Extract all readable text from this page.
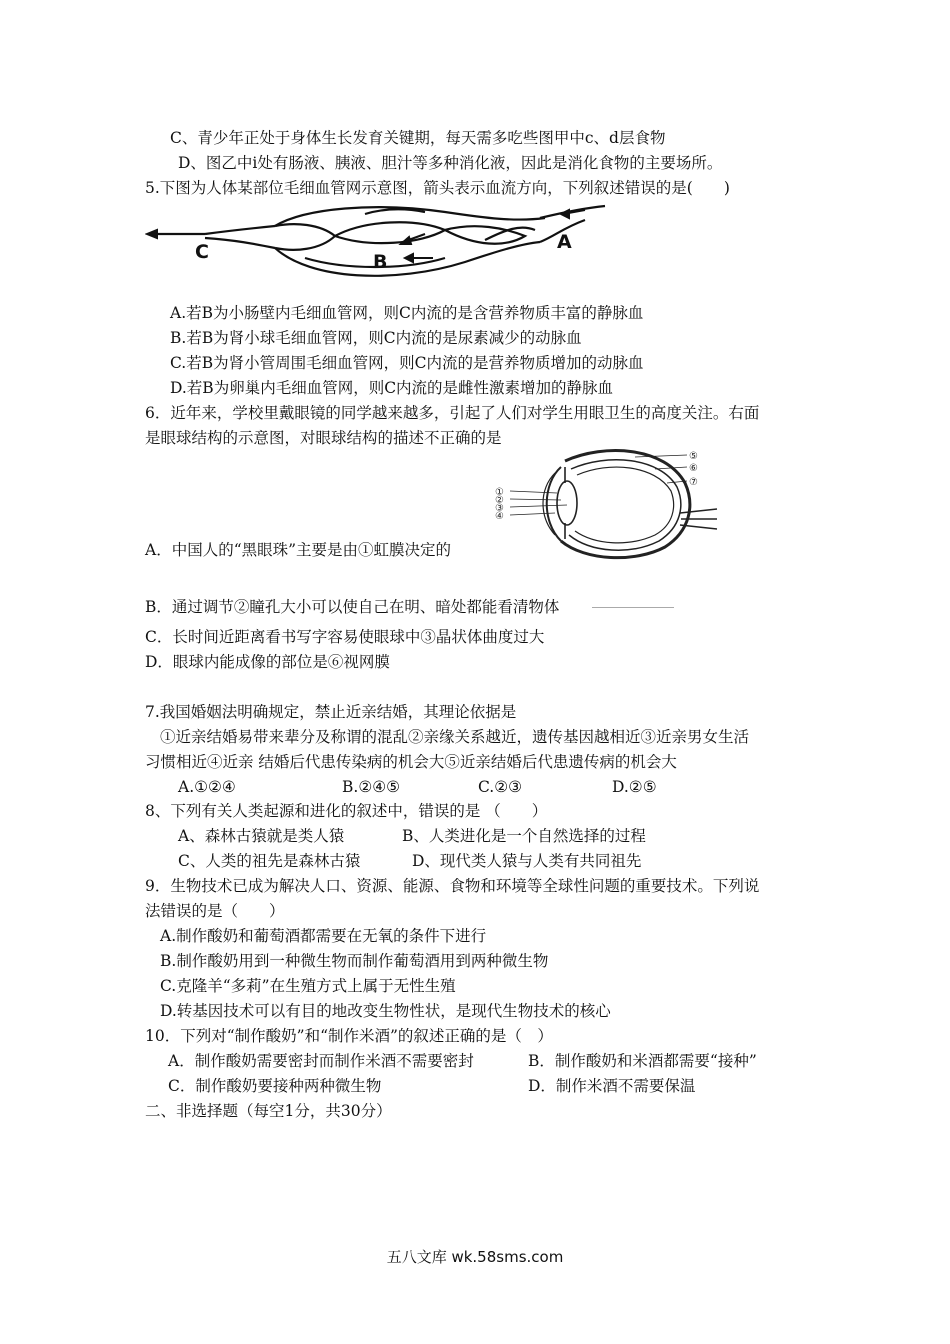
C、青少年正处于身体生长发育关键期，每天需多吃些图甲中c、d层食物
D、图乙中i处有肠液、胰液、胆汁等多种消化液，因此是消化食物的主要场所。
5.下图为人体某部位毛细血管网示意图，箭头表示血流方向，下列叙述错误的是(　　)
C	B
A
A.若B为小肠壁内毛细血管网，则C内流的是含营养物质丰富的静脉血
B.若B为肾小球毛细血管网，则C内流的是尿素减少的动脉血
C.若B为肾小管周围毛细血管网，则C内流的是营养物质增加的动脉血
D.若B为卵巢内毛细血管网，则C内流的是雌性激素增加的静脉血
6．近年来，学校里戴眼镜的同学越来越多，引起了人们对学生用眼卫生的高度关注。右面
是眼球结构的示意图，对眼球结构的描述不正确的是
①
②
③
④
⑤
⑥
⑦
A．中国人的“黑眼珠”主要是由①虹膜决定的
B．通过调节②瞳孔大小可以使自己在明、暗处都能看清物体
C．长时间近距离看书写字容易使眼球中③晶状体曲度过大
D．眼球内能成像的部位是⑥视网膜
7.我国婚姻法明确规定，禁止近亲结婚，其理论依据是
①近亲结婚易带来辈分及称谓的混乱②亲缘关系越近，遗传基因越相近③近亲男女生活
习惯相近④近亲 结婚后代患传染病的机会大⑤近亲结婚后代患遗传病的机会大
A.①②④	B.②④⑤	C.②③	D.②⑤
8、下列有关人类起源和进化的叙述中，错误的是 （　　）
A、森林古猿就是类人猿	B、人类进化是一个自然选择的过程
C、人类的祖先是森林古猿	D、现代类人猿与人类有共同祖先
9．生物技术已成为解决人口、资源、能源、食物和环境等全球性问题的重要技术。下列说
法错误的是（　　）
A.制作酸奶和葡萄酒都需要在无氧的条件下进行
B.制作酸奶用到一种微生物而制作葡萄酒用到两种微生物
C.克隆羊“多莉”在生殖方式上属于无性生殖
D.转基因技术可以有目的地改变生物性状，是现代生物技术的核心
10．下列对“制作酸奶”和“制作米酒”的叙述正确的是（　）
A．制作酸奶需要密封而制作米酒不需要密封	B．制作酸奶和米酒都需要“接种”
C．制作酸奶要接种两种微生物	D．制作米酒不需要保温
二、非选择题（每空1分，共30分）
五八文库 wk.58sms.com
